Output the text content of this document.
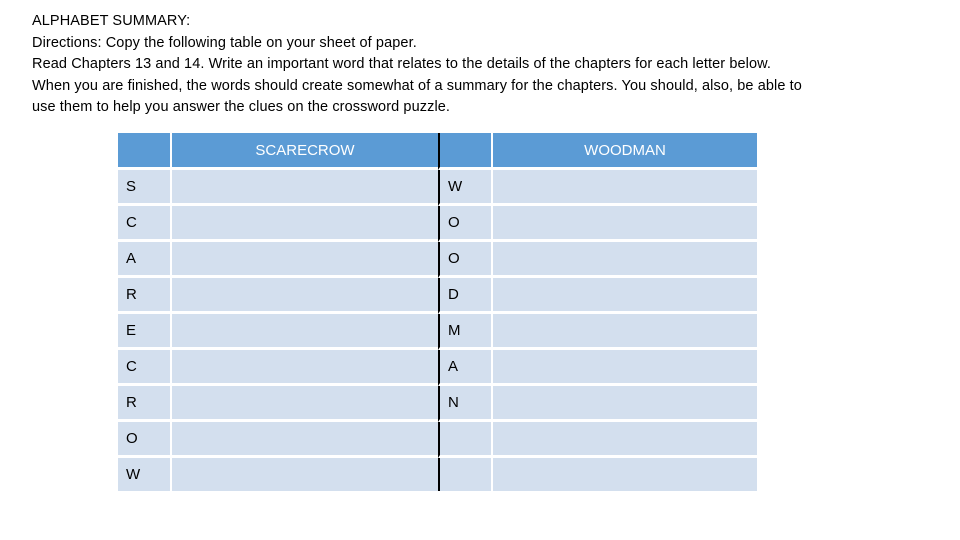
ALPHABET SUMMARY:
Directions: Copy the following table on your sheet of paper.
Read Chapters 13 and 14. Write an important word that relates to the details of the chapters for each letter below.
When you are finished, the words should create somewhat of a summary for the chapters. You should, also, be able to
use them to help you answer the clues on the crossword puzzle.
	SCARECROW		WOODMAN
S		W	
C		O	
A		O	
R		D	
E		M	
C		A	
R		N	
O			
W			
